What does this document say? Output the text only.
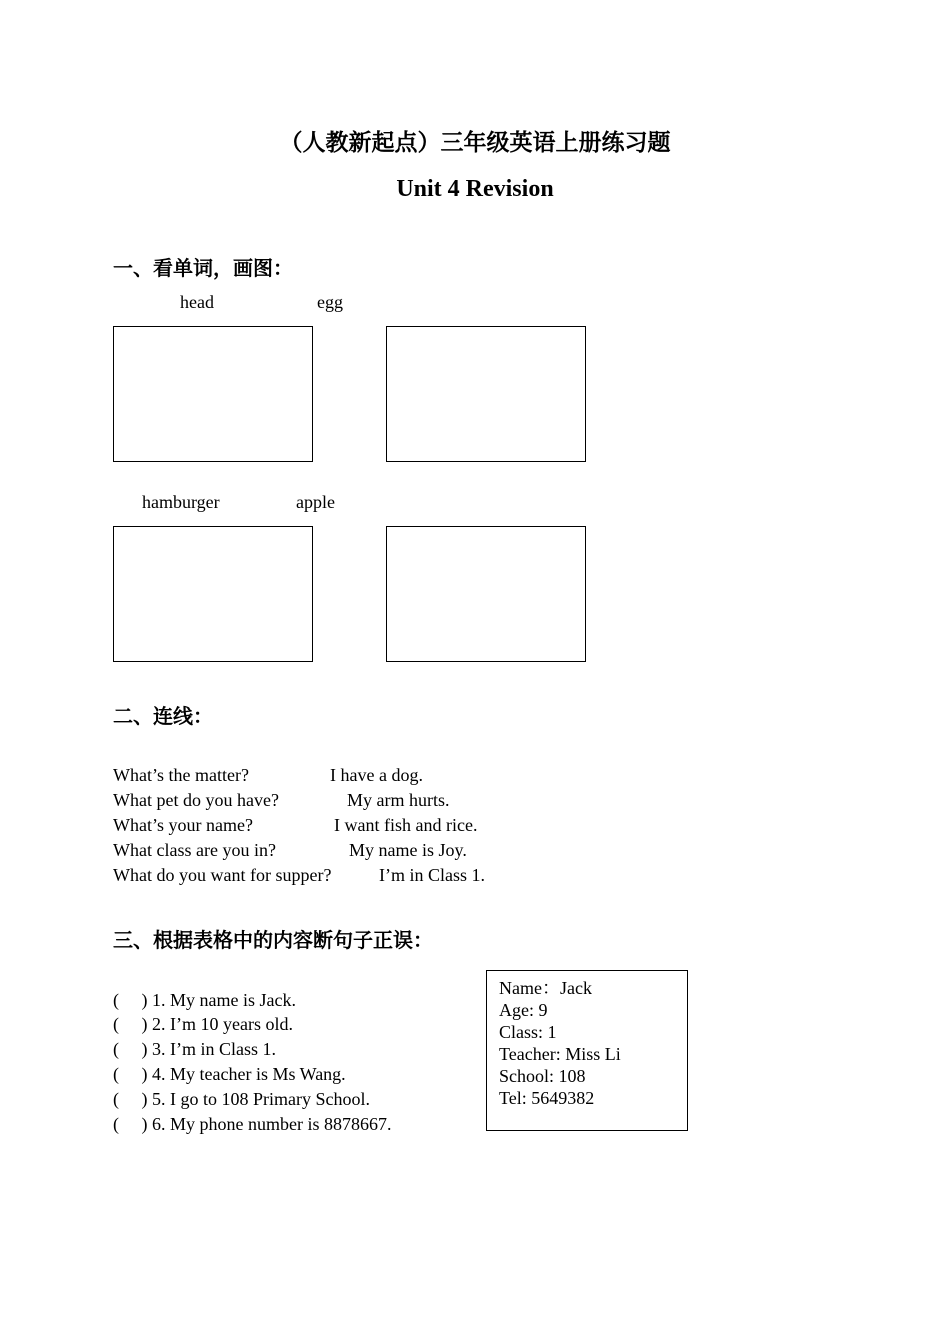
（人教新起点）三年级英语上册练习题
Unit 4 Revision
一、看单词，画图：
head	egg
hamburger	apple
二、连线：
What’s the matter?	I have a dog.
What pet do you have?	My arm hurts.
What’s your name?	I want fish and rice.
What class are you in?	My name is Joy.
What do you want for supper?	I’m in Class 1.
三、根据表格中的内容断句子正误：
(     ) 1. My name is Jack.
(     ) 2. I’m 10 years old.
(     ) 3. I’m in Class 1.
(     ) 4. My teacher is Ms Wang.
(     ) 5. I go to 108 Primary School.
(     ) 6. My phone number is 8878667.
Name：Jack
Age: 9
Class: 1
Teacher: Miss Li
School: 108
Tel: 5649382
